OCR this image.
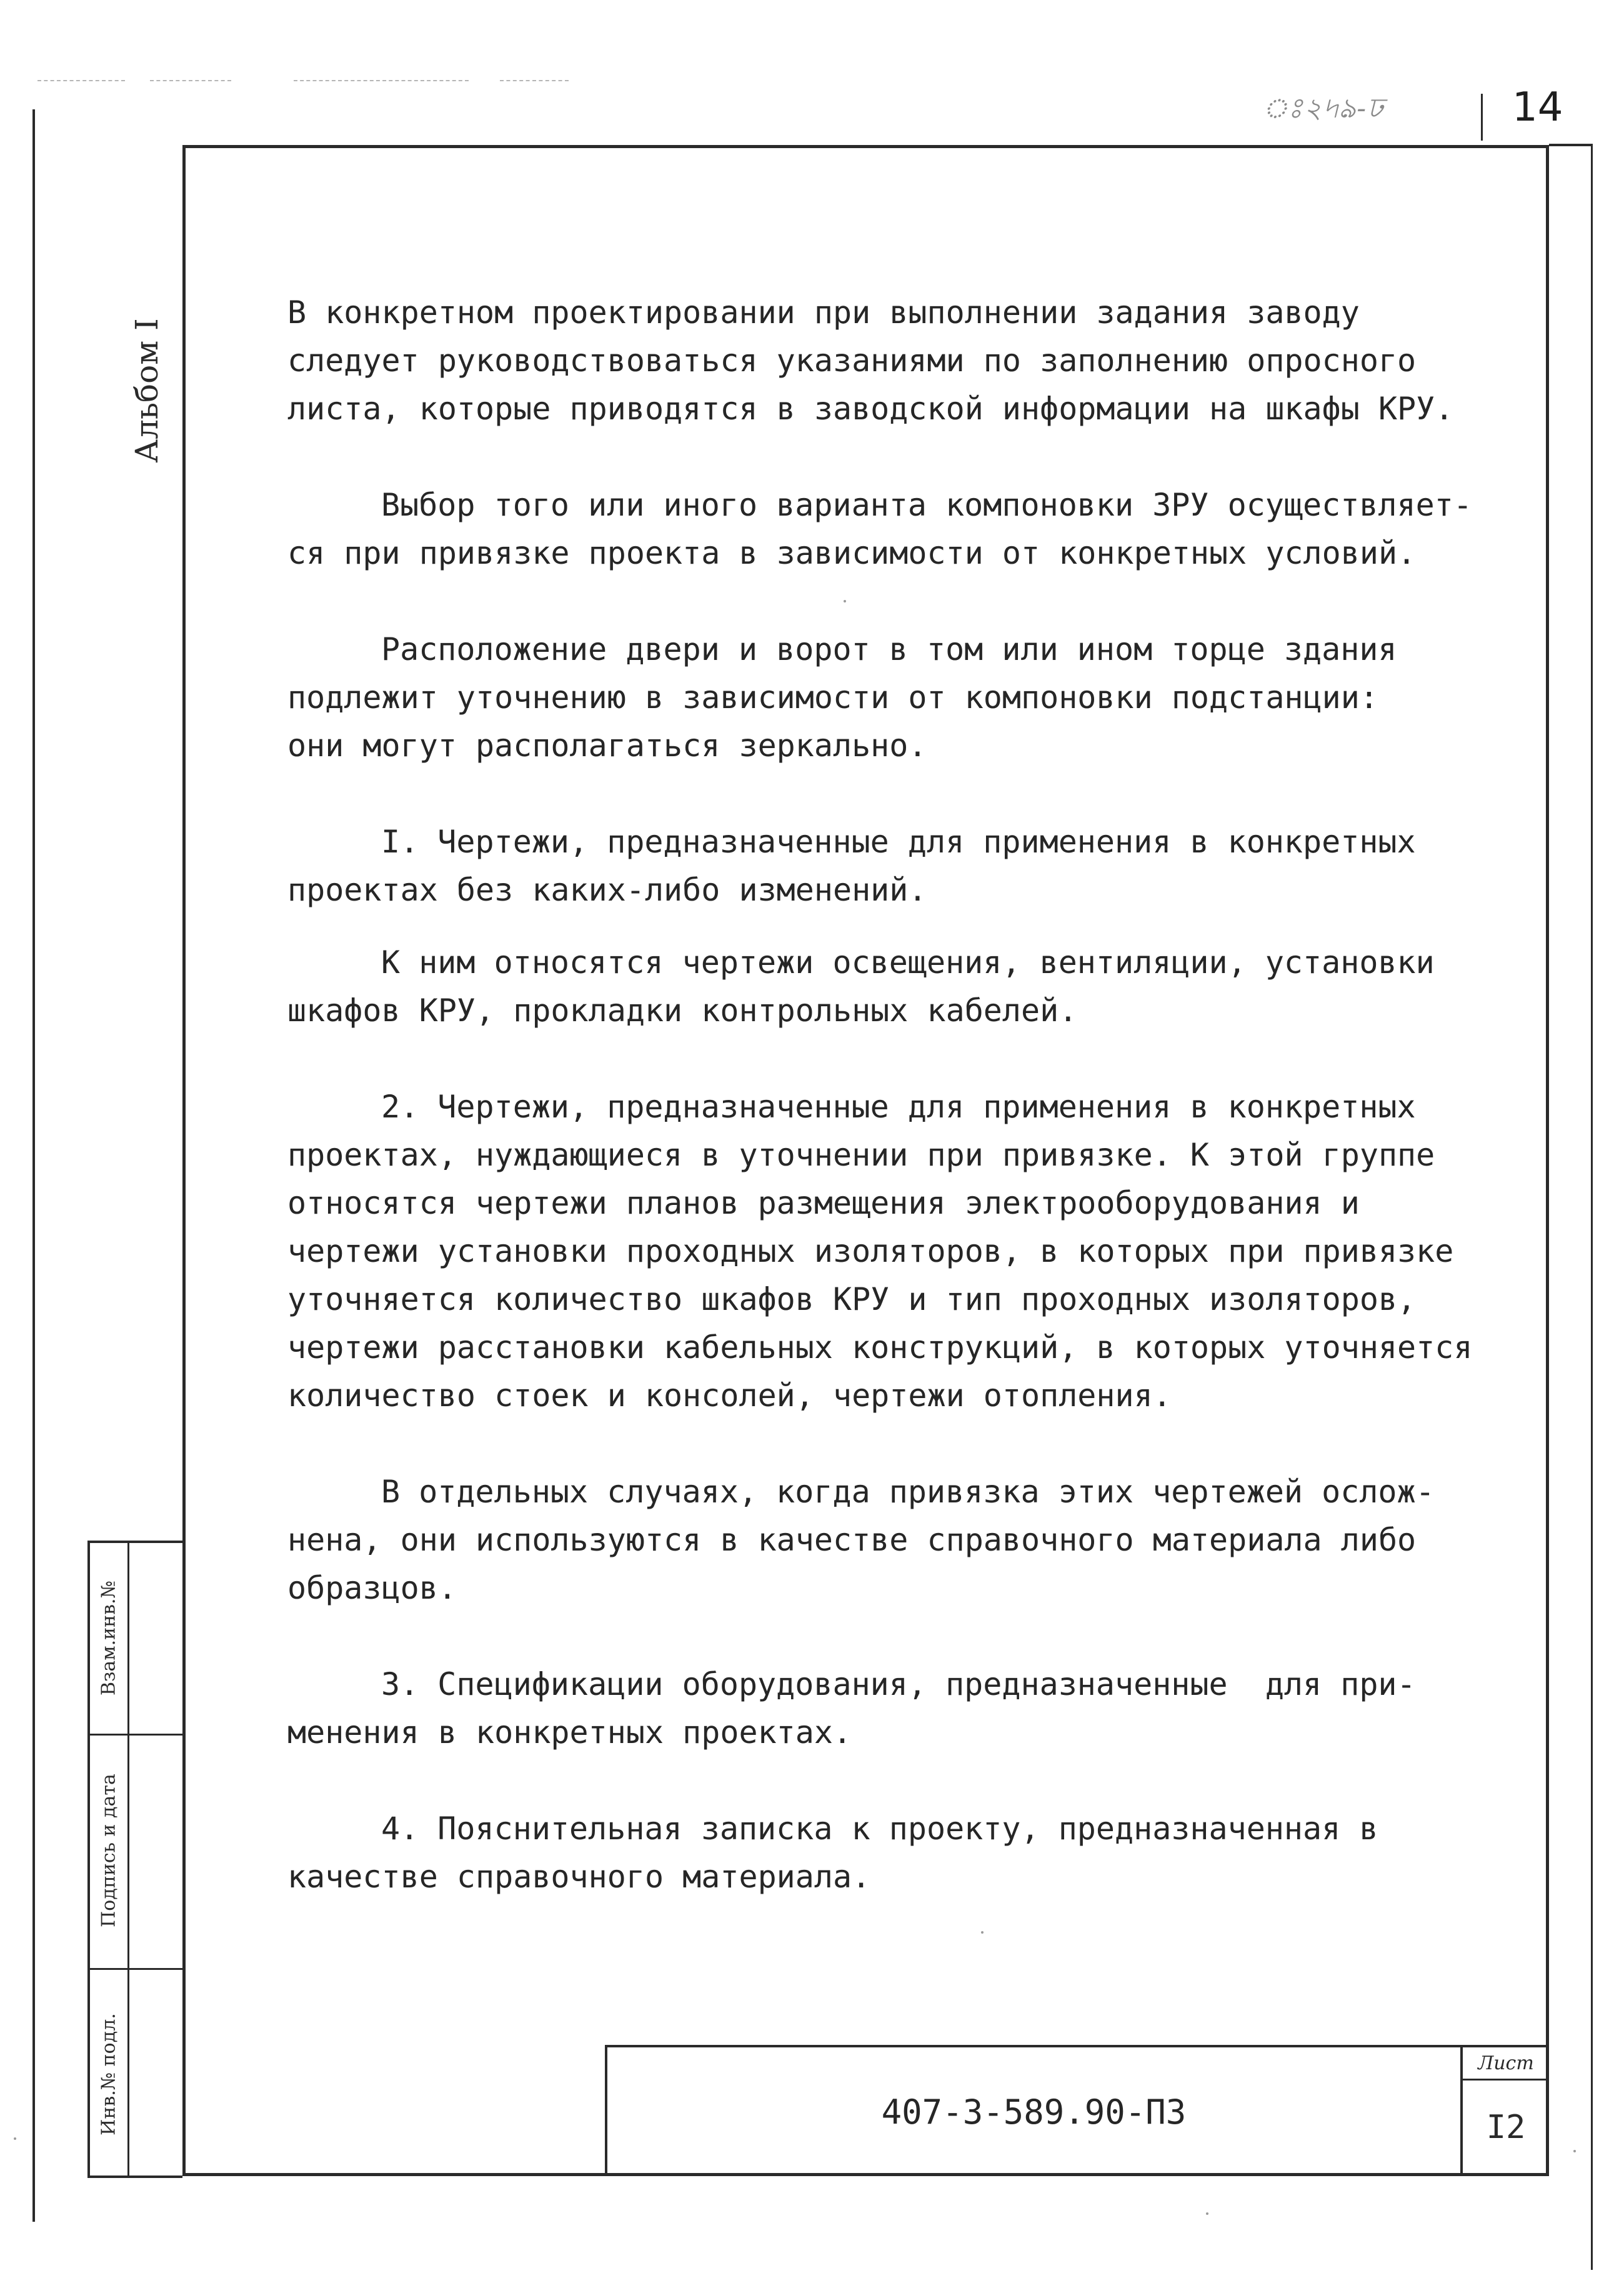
ঃ২৸ঌ-ঢ	14
Альбом I
Взам.инв.№
Подпись и дата
Инв.№ подл.

В конкретном проектировании при выполнении задания заводу

следует руководствоваться указаниями по заполнению опросного

листа, которые приводятся в заводской информации на шкафы КРУ.

Выбор того или иного варианта компоновки ЗРУ осуществляет-

ся при привязке проекта в зависимости от конкретных условий.

Расположение двери и ворот в том или ином торце здания

подлежит уточнению в зависимости от компоновки подстанции:

они могут располагаться зеркально.

I. Чертежи, предназначенные для применения в конкретных

проектах без каких-либо изменений.

К ним относятся чертежи освещения, вентиляции, установки

шкафов КРУ, прокладки контрольных кабелей.

2. Чертежи, предназначенные для применения в конкретных

проектах, нуждающиеся в уточнении при привязке. К этой группе

относятся чертежи планов размещения электрооборудования и

чертежи установки проходных изоляторов, в которых при привязке

уточняется количество шкафов КРУ и тип проходных изоляторов,

чертежи расстановки кабельных конструкций, в которых уточняется

количество стоек и консолей, чертежи отопления.

В отдельных случаях, когда привязка этих чертежей ослож-

нена, они используются в качестве справочного материала либо

образцов.

3. Спецификации оборудования, предназначенные  для при-

менения в конкретных проектах.

4. Пояснительная записка к проекту, предназначенная в

качестве справочного материала.

407-3-589.90-ПЗ
Лист
I2
